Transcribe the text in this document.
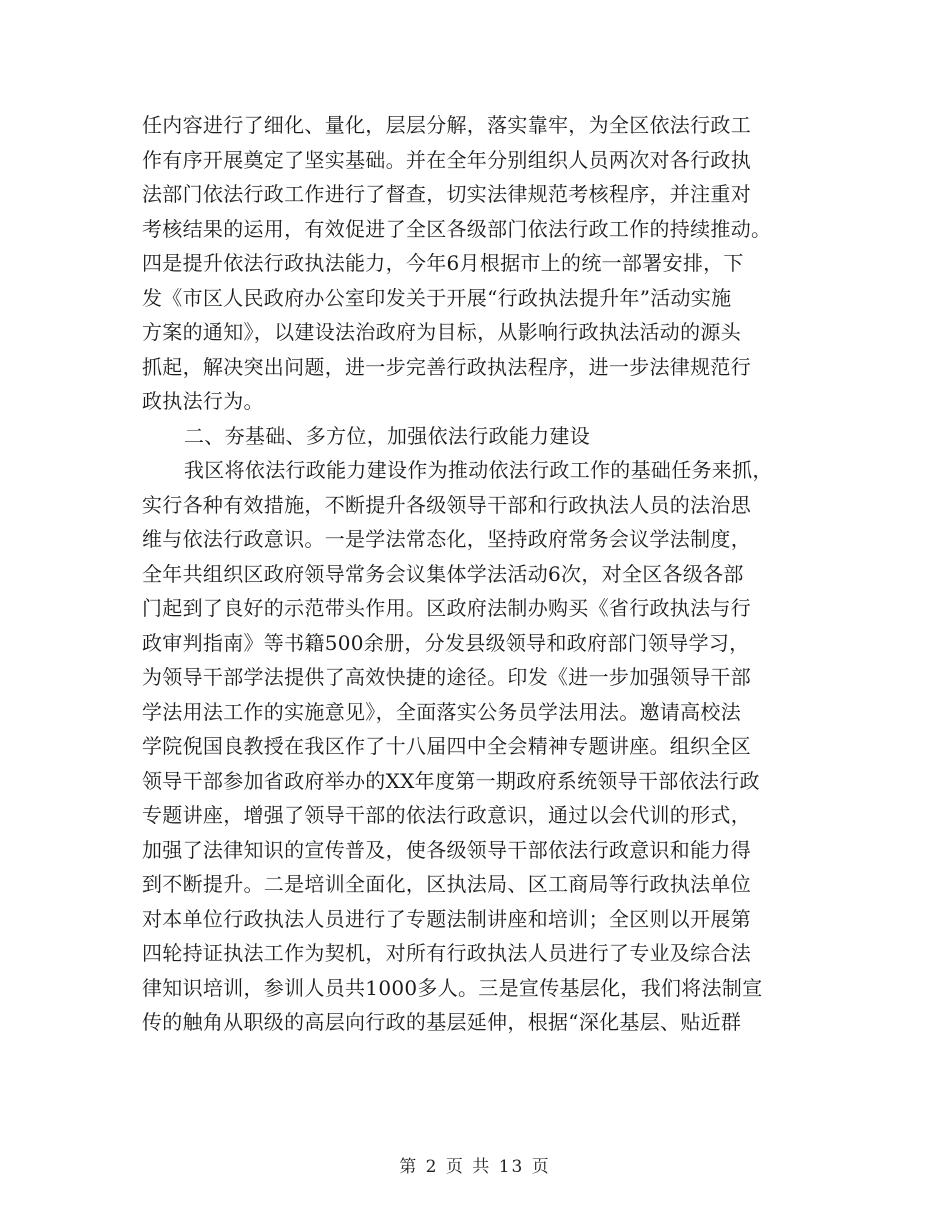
任内容进行了细化、量化，层层分解，落实靠牢，为全区依法行政工
作有序开展奠定了坚实基础。并在全年分别组织人员两次对各行政执
法部门依法行政工作进行了督查，切实法律规范考核程序，并注重对
考核结果的运用，有效促进了全区各级部门依法行政工作的持续推动。
四是提升依法行政执法能力，今年6月根据市上的统一部署安排，下
发《市区人民政府办公室印发关于开展“行政执法提升年”活动实施
方案的通知》，以建设法治政府为目标，从影响行政执法活动的源头
抓起，解决突出问题，进一步完善行政执法程序，进一步法律规范行
政执法行为。
二、夯基础、多方位，加强依法行政能力建设
我区将依法行政能力建设作为推动依法行政工作的基础任务来抓，
实行各种有效措施，不断提升各级领导干部和行政执法人员的法治思
维与依法行政意识。一是学法常态化，坚持政府常务会议学法制度，
全年共组织区政府领导常务会议集体学法活动6次，对全区各级各部
门起到了良好的示范带头作用。区政府法制办购买《省行政执法与行
政审判指南》等书籍500余册，分发县级领导和政府部门领导学习，
为领导干部学法提供了高效快捷的途径。印发《进一步加强领导干部
学法用法工作的实施意见》，全面落实公务员学法用法。邀请高校法
学院倪国良教授在我区作了十八届四中全会精神专题讲座。组织全区
领导干部参加省政府举办的XX年度第一期政府系统领导干部依法行政
专题讲座，增强了领导干部的依法行政意识，通过以会代训的形式，
加强了法律知识的宣传普及，使各级领导干部依法行政意识和能力得
到不断提升。二是培训全面化，区执法局、区工商局等行政执法单位
对本单位行政执法人员进行了专题法制讲座和培训；全区则以开展第
四轮持证执法工作为契机，对所有行政执法人员进行了专业及综合法
律知识培训，参训人员共1000多人。三是宣传基层化，我们将法制宣
传的触角从职级的高层向行政的基层延伸，根据“深化基层、贴近群
第 2 页 共 13 页
